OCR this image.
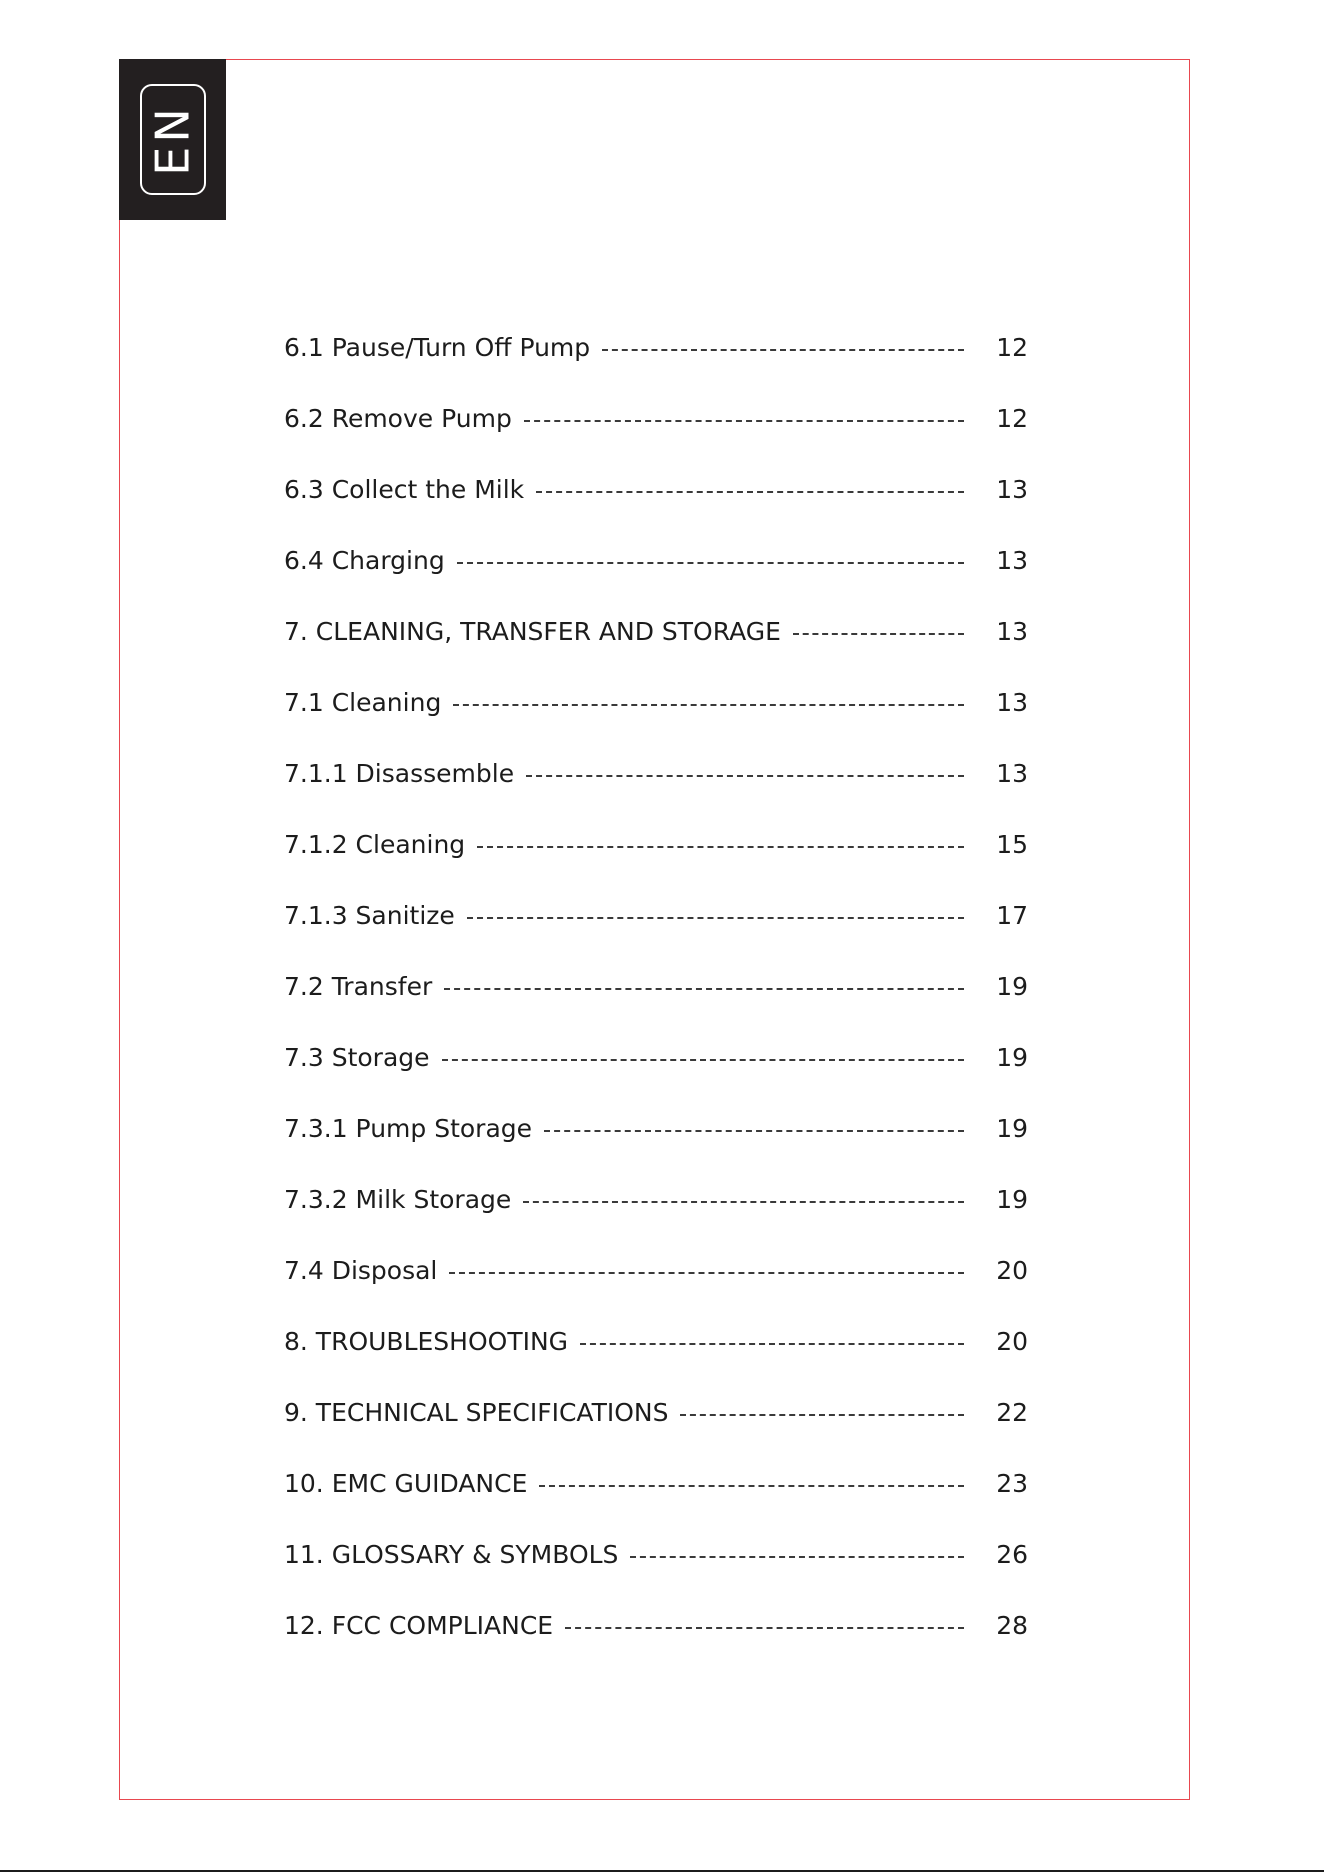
EN
6.1 Pause/Turn Off Pump	12
6.2 Remove Pump	12
6.3 Collect the Milk	13
6.4 Charging	13
7. CLEANING, TRANSFER AND STORAGE	13
7.1 Cleaning	13
7.1.1 Disassemble	13
7.1.2 Cleaning	15
7.1.3 Sanitize	17
7.2 Transfer	19
7.3 Storage	19
7.3.1 Pump Storage	19
7.3.2 Milk Storage	19
7.4 Disposal	20
8. TROUBLESHOOTING	20
9. TECHNICAL SPECIFICATIONS	22
10. EMC GUIDANCE	23
11. GLOSSARY & SYMBOLS	26
12. FCC COMPLIANCE	28
